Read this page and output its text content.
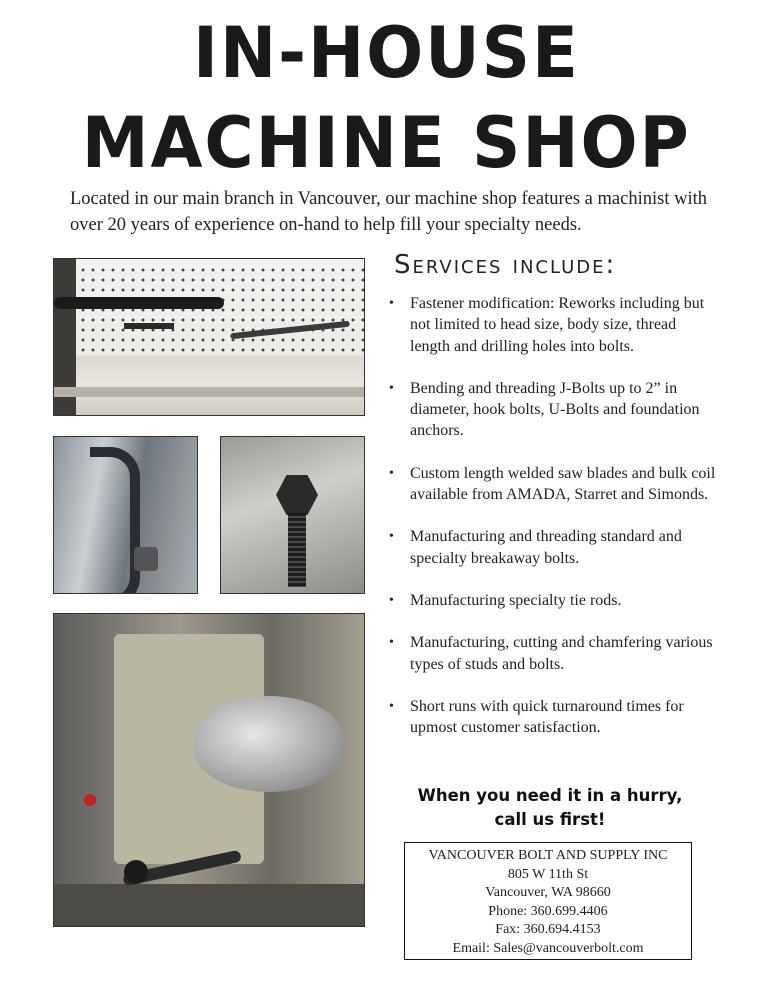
IN-HOUSE
MACHINE SHOP

Located in our main branch in Vancouver, our machine shop features a machinist with over 20 years of experience on-hand to help fill your specialty needs.

Services include:
• Fastener modification: Reworks including but not limited to head size, body size, thread length and drilling holes into bolts.
• Bending and threading J-Bolts up to 2” in diameter, hook bolts, U-Bolts and foundation anchors.
• Custom length welded saw blades and bulk coil available from AMADA, Starret and Simonds.
• Manufacturing and threading standard and specialty breakaway bolts.
• Manufacturing specialty tie rods.
• Manufacturing, cutting and chamfering various types of studs and bolts.
• Short runs with quick turnaround times for upmost customer satisfaction.
When you need it in a hurry,
call us first!
VANCOUVER BOLT AND SUPPLY INC
805 W 11th St
Vancouver, WA 98660
Phone: 360.699.4406
Fax: 360.694.4153
Email: Sales@vancouverbolt.com
